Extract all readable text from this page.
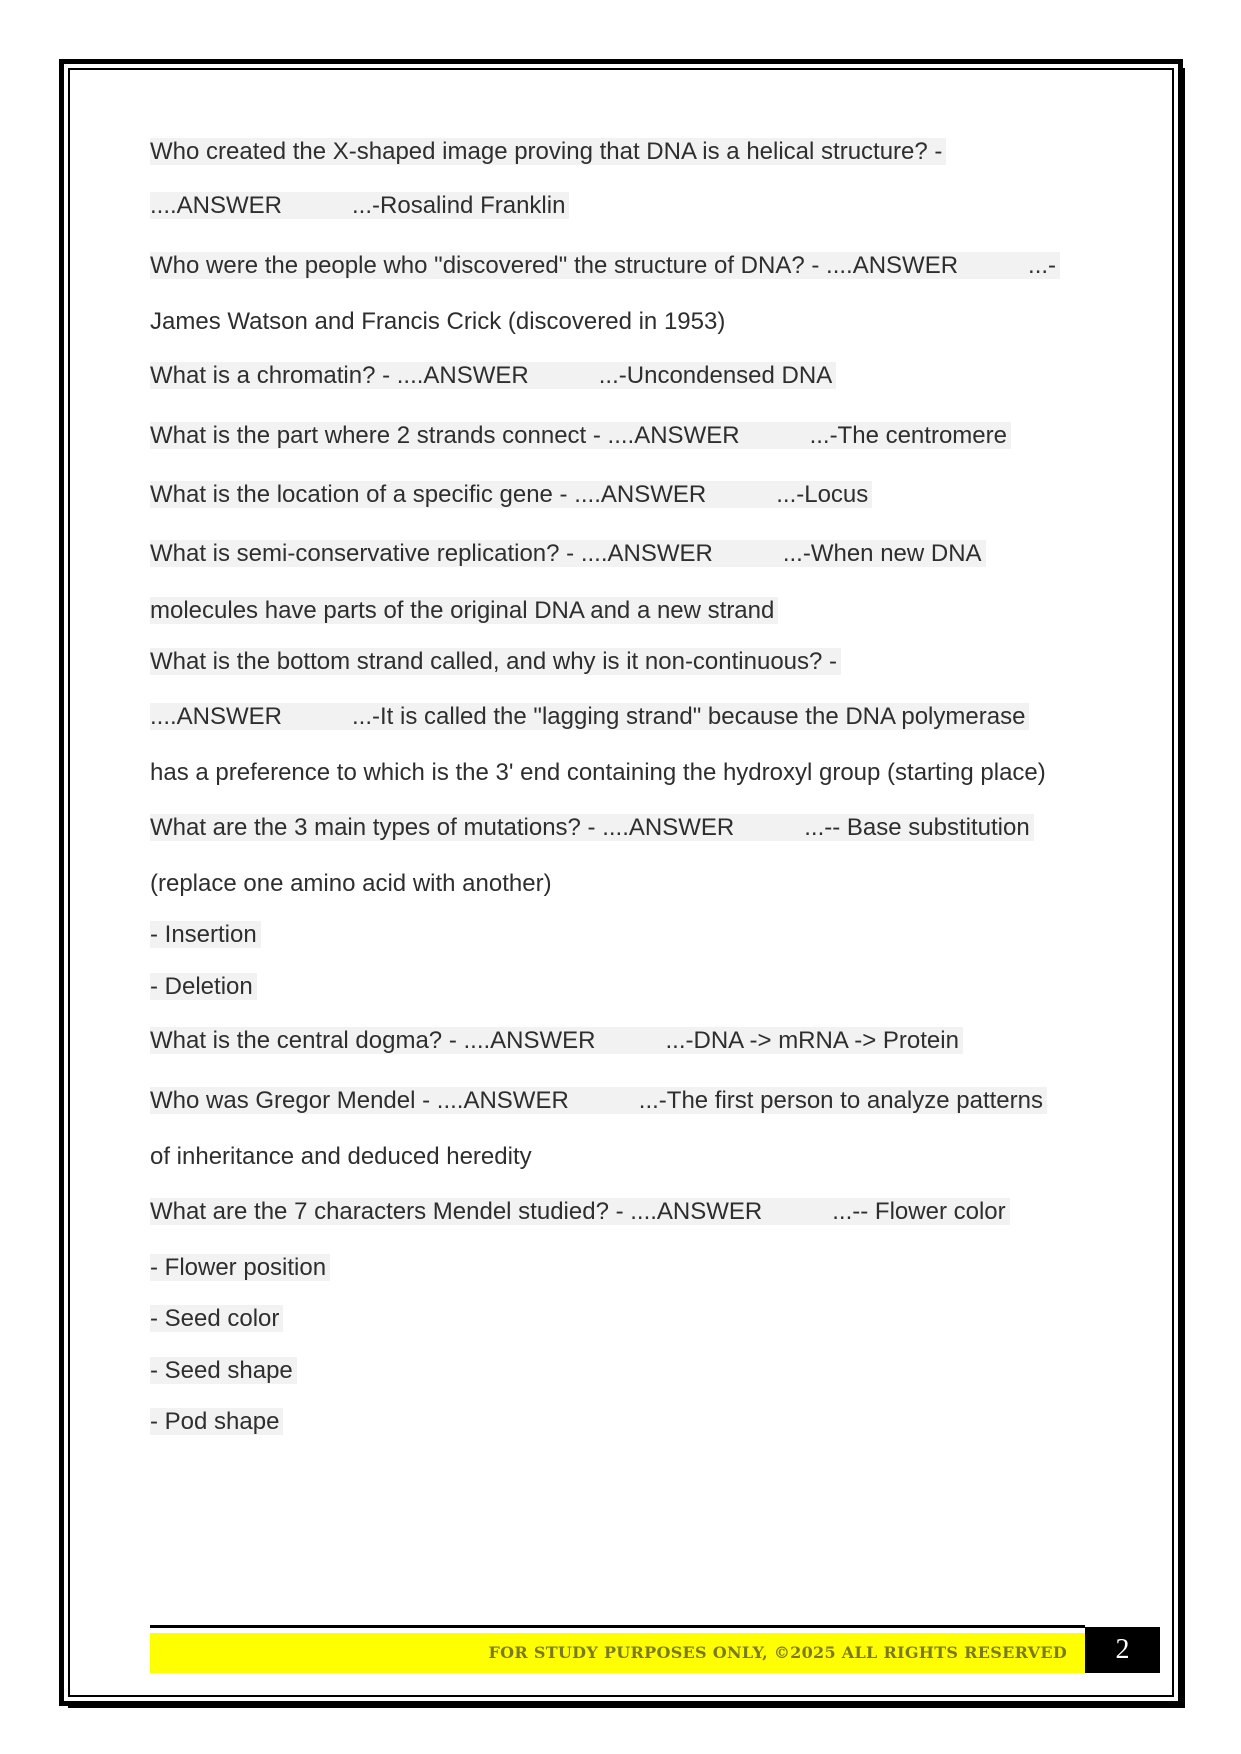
Who created the X-shaped image proving that DNA is a helical structure? -
....ANSWER	...-Rosalind Franklin
Who were the people who "discovered" the structure of DNA? - ....ANSWER	...-
James Watson and Francis Crick (discovered in 1953)
What is a chromatin? - ....ANSWER	...-Uncondensed DNA
What is the part where 2 strands connect - ....ANSWER	...-The centromere
What is the location of a specific gene - ....ANSWER	...-Locus
What is semi-conservative replication? - ....ANSWER	...-When new DNA
molecules have parts of the original DNA and a new strand
What is the bottom strand called, and why is it non-continuous? -
....ANSWER	...-It is called the "lagging strand" because the DNA polymerase
has a preference to which is the 3' end containing the hydroxyl group (starting place)
What are the 3 main types of mutations? - ....ANSWER	...-- Base substitution
(replace one amino acid with another)
- Insertion
- Deletion
What is the central dogma? - ....ANSWER	...-DNA -> mRNA -> Protein
Who was Gregor Mendel - ....ANSWER	...-The first person to analyze patterns
of inheritance and deduced heredity
What are the 7 characters Mendel studied? - ....ANSWER	...-- Flower color
- Flower position
- Seed color
- Seed shape
- Pod shape
FOR STUDY PURPOSES ONLY, ©2025 ALL RIGHTS RESERVED	2
